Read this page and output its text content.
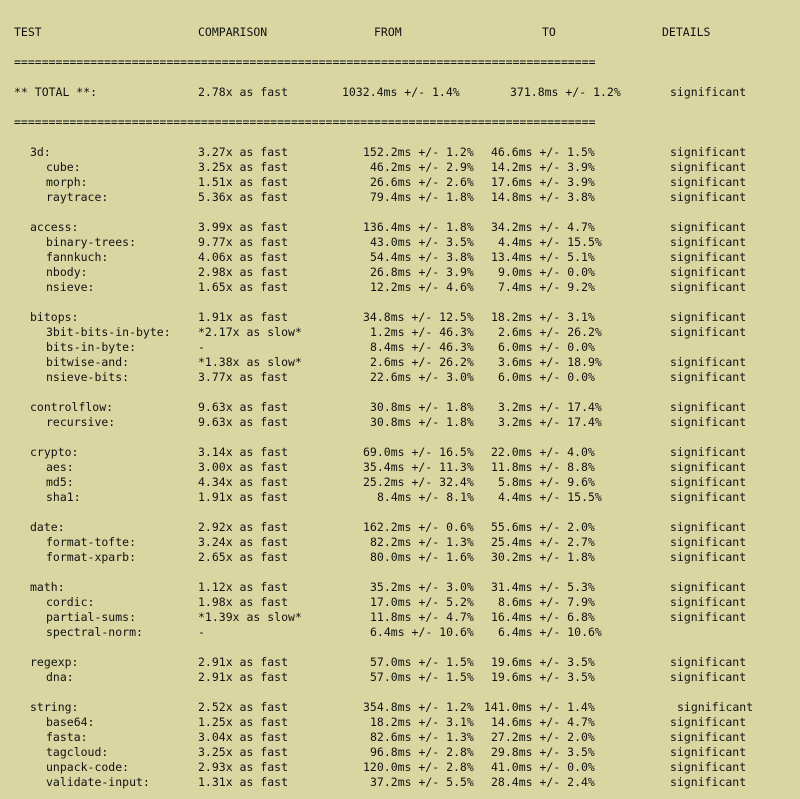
TEST	COMPARISON	FROM	TO	DETAILS
====================================================================================
** TOTAL **:	2.78x as fast	1032.4ms +/- 1.4%	371.8ms +/- 1.2%	significant
====================================================================================
3d:	3.27x as fast	152.2ms +/- 1.2% 46.6ms +/- 1.5%	significant
cube:	3.25x as fast	46.2ms +/- 2.9% 14.2ms +/- 3.9%	significant
morph:	1.51x as fast	26.6ms +/- 2.6% 17.6ms +/- 3.9%	significant
raytrace:	5.36x as fast	79.4ms +/- 1.8% 14.8ms +/- 3.8%	significant
access:	3.99x as fast	136.4ms +/- 1.8% 34.2ms +/- 4.7%	significant
binary-trees:	9.77x as fast	43.0ms +/- 3.5% 4.4ms +/- 15.5%	significant
fannkuch:	4.06x as fast	54.4ms +/- 3.8% 13.4ms +/- 5.1%	significant
nbody:	2.98x as fast	26.8ms +/- 3.9% 9.0ms +/- 0.0%	significant
nsieve:	1.65x as fast	12.2ms +/- 4.6% 7.4ms +/- 9.2%	significant
bitops:	1.91x as fast	34.8ms +/- 12.5% 18.2ms +/- 3.1%	significant
3bit-bits-in-byte: *2.17x as slow*	1.2ms +/- 46.3% 2.6ms +/- 26.2%	significant
bits-in-byte:	-	8.4ms +/- 46.3% 6.0ms +/- 0.0%
bitwise-and:	*1.38x as slow*	2.6ms +/- 26.2% 3.6ms +/- 18.9%	significant
nsieve-bits:	3.77x as fast	22.6ms +/- 3.0% 6.0ms +/- 0.0%	significant
controlflow:	9.63x as fast	30.8ms +/- 1.8% 3.2ms +/- 17.4%	significant
recursive:	9.63x as fast	30.8ms +/- 1.8% 3.2ms +/- 17.4%	significant
crypto:	3.14x as fast	69.0ms +/- 16.5% 22.0ms +/- 4.0%	significant
aes:	3.00x as fast	35.4ms +/- 11.3% 11.8ms +/- 8.8%	significant
md5:	4.34x as fast	25.2ms +/- 32.4% 5.8ms +/- 9.6%	significant
sha1:	1.91x as fast	8.4ms +/- 8.1% 4.4ms +/- 15.5%	significant
date:	2.92x as fast	162.2ms +/- 0.6% 55.6ms +/- 2.0%	significant
format-tofte:	3.24x as fast	82.2ms +/- 1.3% 25.4ms +/- 2.7%	significant
format-xparb:	2.65x as fast	80.0ms +/- 1.6% 30.2ms +/- 1.8%	significant
math:	1.12x as fast	35.2ms +/- 3.0% 31.4ms +/- 5.3%	significant
cordic:	1.98x as fast	17.0ms +/- 5.2% 8.6ms +/- 7.9%	significant
partial-sums:	*1.39x as slow*	11.8ms +/- 4.7% 16.4ms +/- 6.8%	significant
spectral-norm:	-	6.4ms +/- 10.6% 6.4ms +/- 10.6%
regexp:	2.91x as fast	57.0ms +/- 1.5% 19.6ms +/- 3.5%	significant
dna:	2.91x as fast	57.0ms +/- 1.5% 19.6ms +/- 3.5%	significant
string:	2.52x as fast	354.8ms +/- 1.2% 141.0ms +/- 1.4%	significant
base64:	1.25x as fast	18.2ms +/- 3.1% 14.6ms +/- 4.7%	significant
fasta:	3.04x as fast	82.6ms +/- 1.3% 27.2ms +/- 2.0%	significant
tagcloud:	3.25x as fast	96.8ms +/- 2.8% 29.8ms +/- 3.5%	significant
unpack-code:	2.93x as fast	120.0ms +/- 2.8% 41.0ms +/- 0.0%	significant
validate-input:	1.31x as fast	37.2ms +/- 5.5% 28.4ms +/- 2.4%	significant
